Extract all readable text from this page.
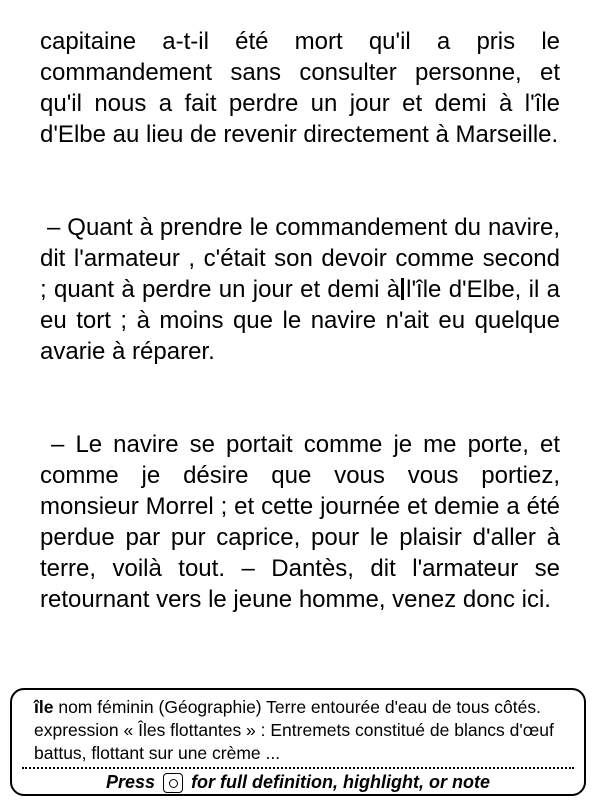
capitaine a-t-il été mort qu'il a pris le commandement sans consulter personne, et qu'il nous a fait perdre un jour et demi à l'île d'Elbe au lieu de revenir directement à Marseille.

– Quant à prendre le commandement du navire, dit l'armateur , c'était son devoir comme second ; quant à perdre un jour et demi à l'île d'Elbe, il a eu tort ; à moins que le navire n'ait eu quelque avarie à réparer.

– Le navire se portait comme je me porte, et comme je désire que vous vous portiez, monsieur Morrel ; et cette journée et demie a été perdue par pur caprice, pour le plaisir d'aller à terre, voilà tout. – Dantès, dit l'armateur se retournant vers le jeune homme, venez donc ici.

île nom féminin (Géographie) Terre entourée d'eau de tous côtés. expression « Îles flottantes » : Entremets constitué de blancs d'œuf battus, flottant sur une crème ...
Press for full definition, highlight, or note
